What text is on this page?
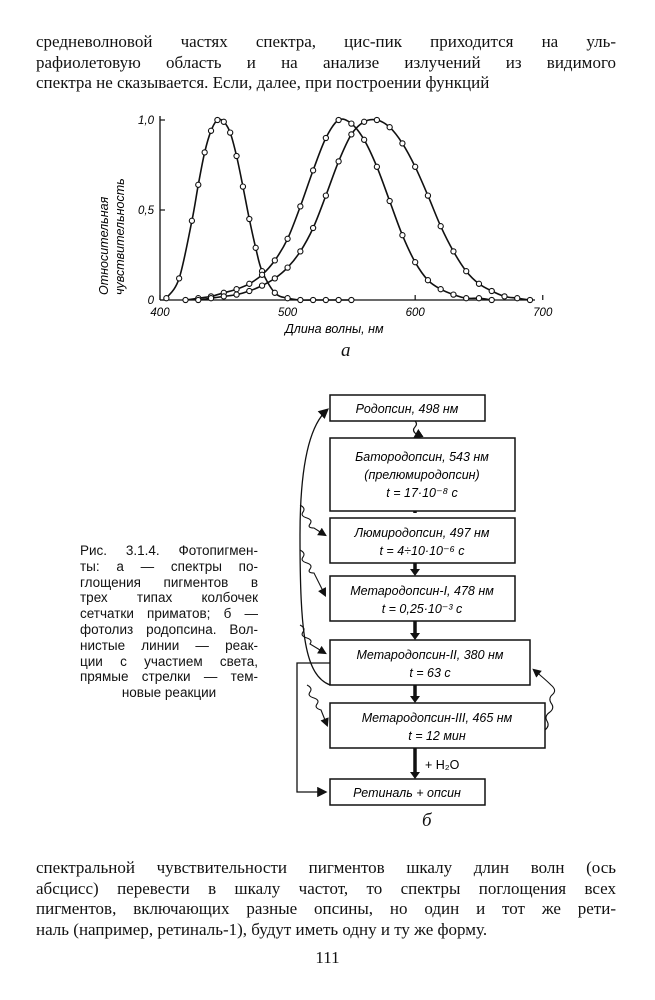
средневолновой частях спектра, цис-пик приходится на уль-
рафиолетовую область и на анализе излучений из видимого
спектра не сказывается. Если, далее, при построении функций

400	500	600	700
0
0,5
1,0
Относительная чувствительность
Длина волны, нм
а

Рис. 3.1.4. Фотопигмен-
ты: а — спектры по-
глощения пигментов в
трех типах колбочек
сетчатки приматов; б —
фотолиз родопсина. Вол-
нистые линии — реак-
ции с участием света,
прямые стрелки — тем-
новые реакции

Родопсин, 498 нм
Батородопсин, 543 нм
(прелюмиродопсин)
t = 17·10⁻⁸ с
Люмиродопсин, 497 нм
t = 4÷10·10⁻⁶ с
Метародопсин-I, 478 нм
t = 0,25·10⁻³ с
Метародопсин-II, 380 нм
t = 63 с
Метародопсин-III, 465 нм
t = 12 мин
Ретиналь + опсин
+ H₂O
б

спектральной чувствительности пигментов шкалу длин волн (ось
абсцисс) перевести в шкалу частот, то спектры поглощения всех
пигментов, включающих разные опсины, но один и тот же рети-
наль (например, ретиналь-1), будут иметь одну и ту же форму.

111
